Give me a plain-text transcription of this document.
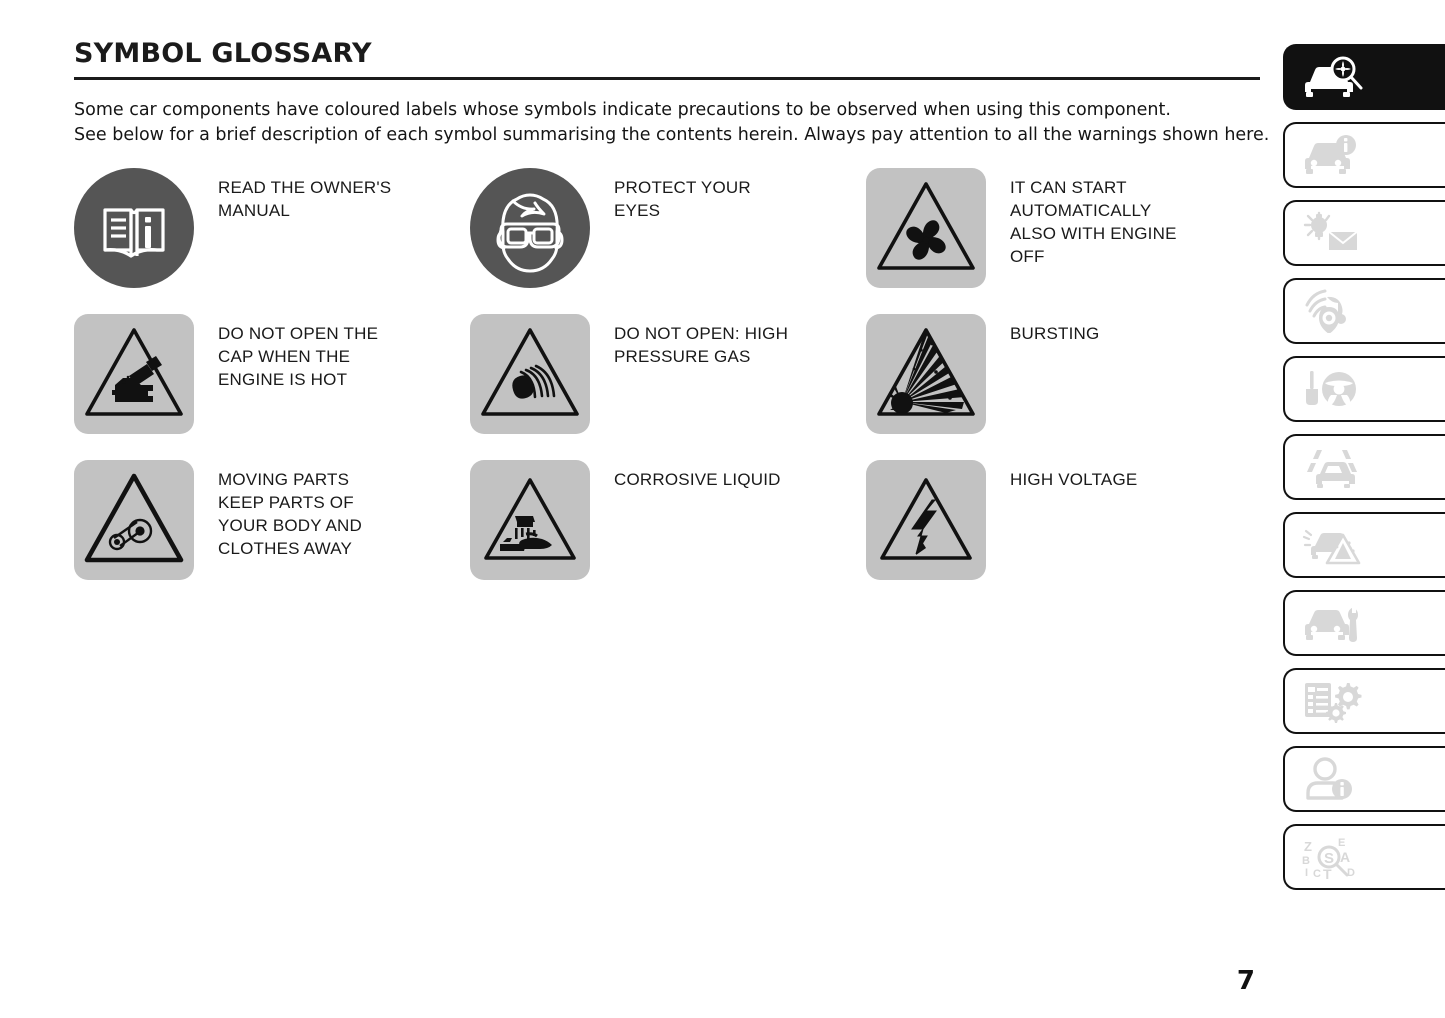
SYMBOL GLOSSARY
Some car components have coloured labels whose symbols indicate precautions to be observed when using this component.
See below for a brief description of each symbol summarising the contents herein. Always pay attention to all the warnings shown here.
READ THE OWNER'S
MANUAL
PROTECT YOUR
EYES
IT CAN START
AUTOMATICALLY
ALSO WITH ENGINE
OFF
DO NOT OPEN THE
CAP WHEN THE
ENGINE IS HOT
DO NOT OPEN: HIGH
PRESSURE GAS
BURSTING
MOVING PARTS
KEEP PARTS OF
YOUR BODY AND
CLOTHES AWAY
CORROSIVE LIQUID	HIGH VOLTAGE
7
Z
B
I C T
E
A
D
S
